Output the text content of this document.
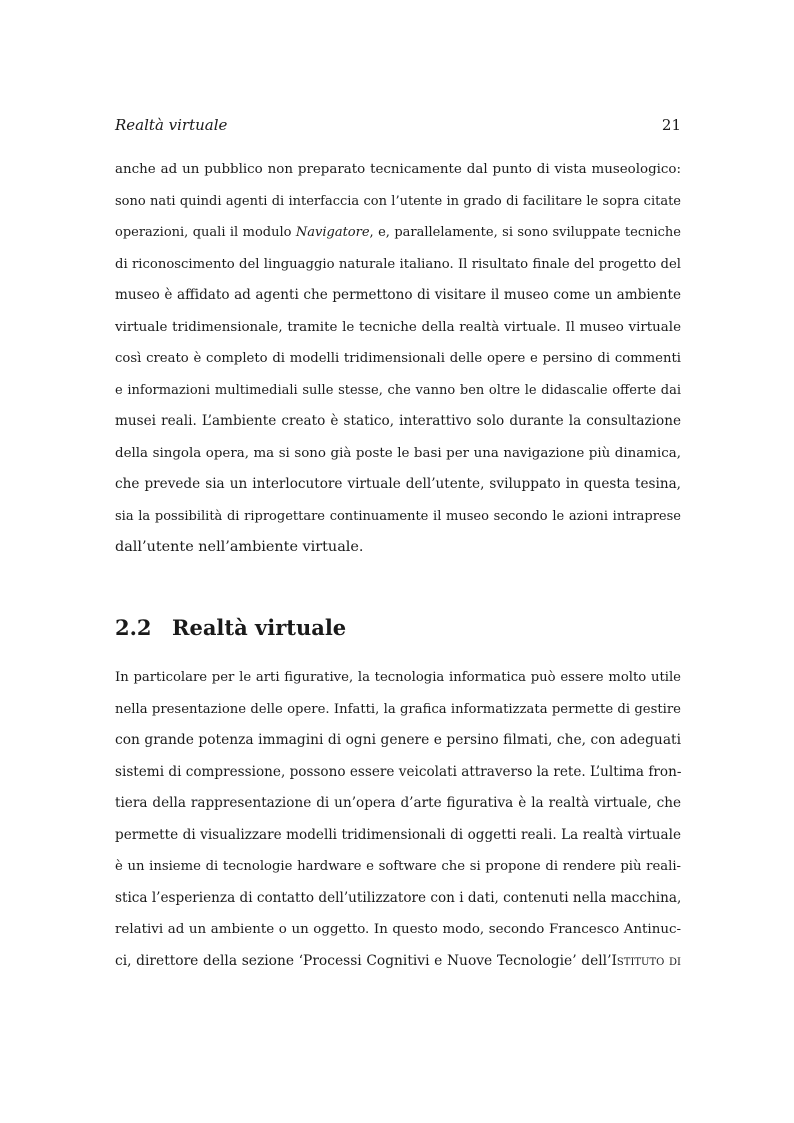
Realtà virtuale	21
anche ad un pubblico non preparato tecnicamente dal punto di vista museologico:
sono nati quindi agenti di interfaccia con l’utente in grado di facilitare le sopra citate
operazioni, quali il modulo Navigatore, e, parallelamente, si sono sviluppate tecniche
di riconoscimento del linguaggio naturale italiano. Il risultato finale del progetto del
museo è affidato ad agenti che permettono di visitare il museo come un ambiente
virtuale tridimensionale, tramite le tecniche della realtà virtuale. Il museo virtuale
così creato è completo di modelli tridimensionali delle opere e persino di commenti
e informazioni multimediali sulle stesse, che vanno ben oltre le didascalie offerte dai
musei reali. L’ambiente creato è statico, interattivo solo durante la consultazione
della singola opera, ma si sono già poste le basi per una navigazione più dinamica,
che prevede sia un interlocutore virtuale dell’utente, sviluppato in questa tesina,
sia la possibilità di riprogettare continuamente il museo secondo le azioni intraprese
dall’utente nell’ambiente virtuale.
2.2 Realtà virtuale
In particolare per le arti figurative, la tecnologia informatica può essere molto utile
nella presentazione delle opere. Infatti, la grafica informatizzata permette di gestire
con grande potenza immagini di ogni genere e persino filmati, che, con adeguati
sistemi di compressione, possono essere veicolati attraverso la rete. L’ultima fron-
tiera della rappresentazione di un’opera d’arte figurativa è la realtà virtuale, che
permette di visualizzare modelli tridimensionali di oggetti reali. La realtà virtuale
è un insieme di tecnologie hardware e software che si propone di rendere più reali-
stica l’esperienza di contatto dell’utilizzatore con i dati, contenuti nella macchina,
relativi ad un ambiente o un oggetto. In questo modo, secondo Francesco Antinuc-
ci, direttore della sezione ‘Processi Cognitivi e Nuove Tecnologie’ dell’Istituto di
